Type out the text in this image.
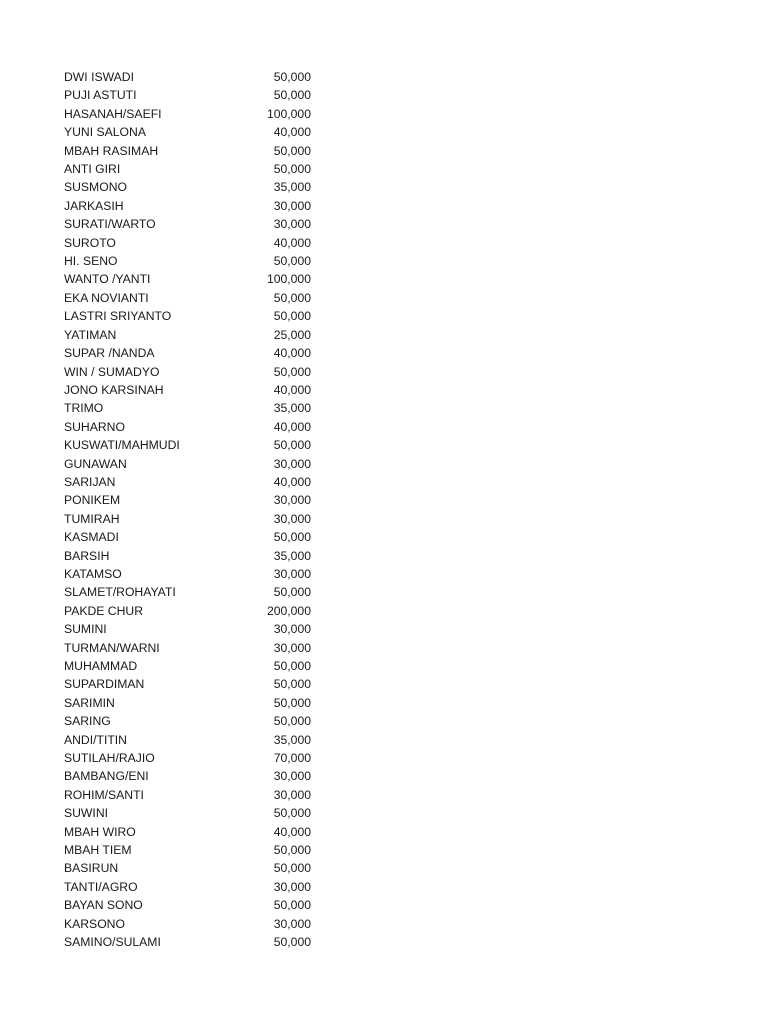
DWI ISWADI	50,000
PUJI ASTUTI	50,000
HASANAH/SAEFI	100,000
YUNI SALONA	40,000
MBAH RASIMAH	50,000
ANTI GIRI	50,000
SUSMONO	35,000
JARKASIH	30,000
SURATI/WARTO	30,000
SUROTO	40,000
HI. SENO	50,000
WANTO /YANTI	100,000
EKA NOVIANTI	50,000
LASTRI SRIYANTO	50,000
YATIMAN	25,000
SUPAR /NANDA	40,000
WIN / SUMADYO	50,000
JONO KARSINAH	40,000
TRIMO	35,000
SUHARNO	40,000
KUSWATI/MAHMUDI	50,000
GUNAWAN	30,000
SARIJAN	40,000
PONIKEM	30,000
TUMIRAH	30,000
KASMADI	50,000
BARSIH	35,000
KATAMSO	30,000
SLAMET/ROHAYATI	50,000
PAKDE CHUR	200,000
SUMINI	30,000
TURMAN/WARNI	30,000
MUHAMMAD	50,000
SUPARDIMAN	50,000
SARIMIN	50,000
SARING	50,000
ANDI/TITIN	35,000
SUTILAH/RAJIO	70,000
BAMBANG/ENI	30,000
ROHIM/SANTI	30,000
SUWINI	50,000
MBAH WIRO	40,000
MBAH TIEM	50,000
BASIRUN	50,000
TANTI/AGRO	30,000
BAYAN SONO	50,000
KARSONO	30,000
SAMINO/SULAMI	50,000
